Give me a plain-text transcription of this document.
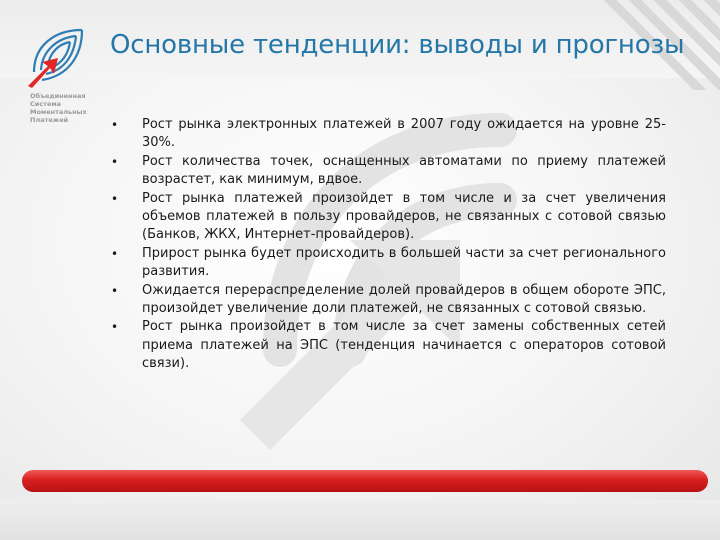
Объединенная
Система
Моментальных
Платежей
Основные тенденции: выводы и прогнозы
• Рост рынка электронных платежей в 2007 году ожидается на уровне 25-30%.
• Рост количества точек, оснащенных автоматами по приему платежей возрастет, как минимум, вдвое.
• Рост рынка платежей произойдет в том числе и за счет увеличения объемов платежей в пользу провайдеров, не связанных с сотовой связью (Банков, ЖКХ, Интернет-провайдеров).
• Прирост рынка будет происходить в большей части за счет регионального развития.
• Ожидается перераспределение долей провайдеров в общем обороте ЭПС, произойдет увеличение доли платежей, не связанных с сотовой связью.
• Рост рынка произойдет в том числе за счет замены собственных сетей приема платежей на ЭПС (тенденция начинается с операторов сотовой связи).
